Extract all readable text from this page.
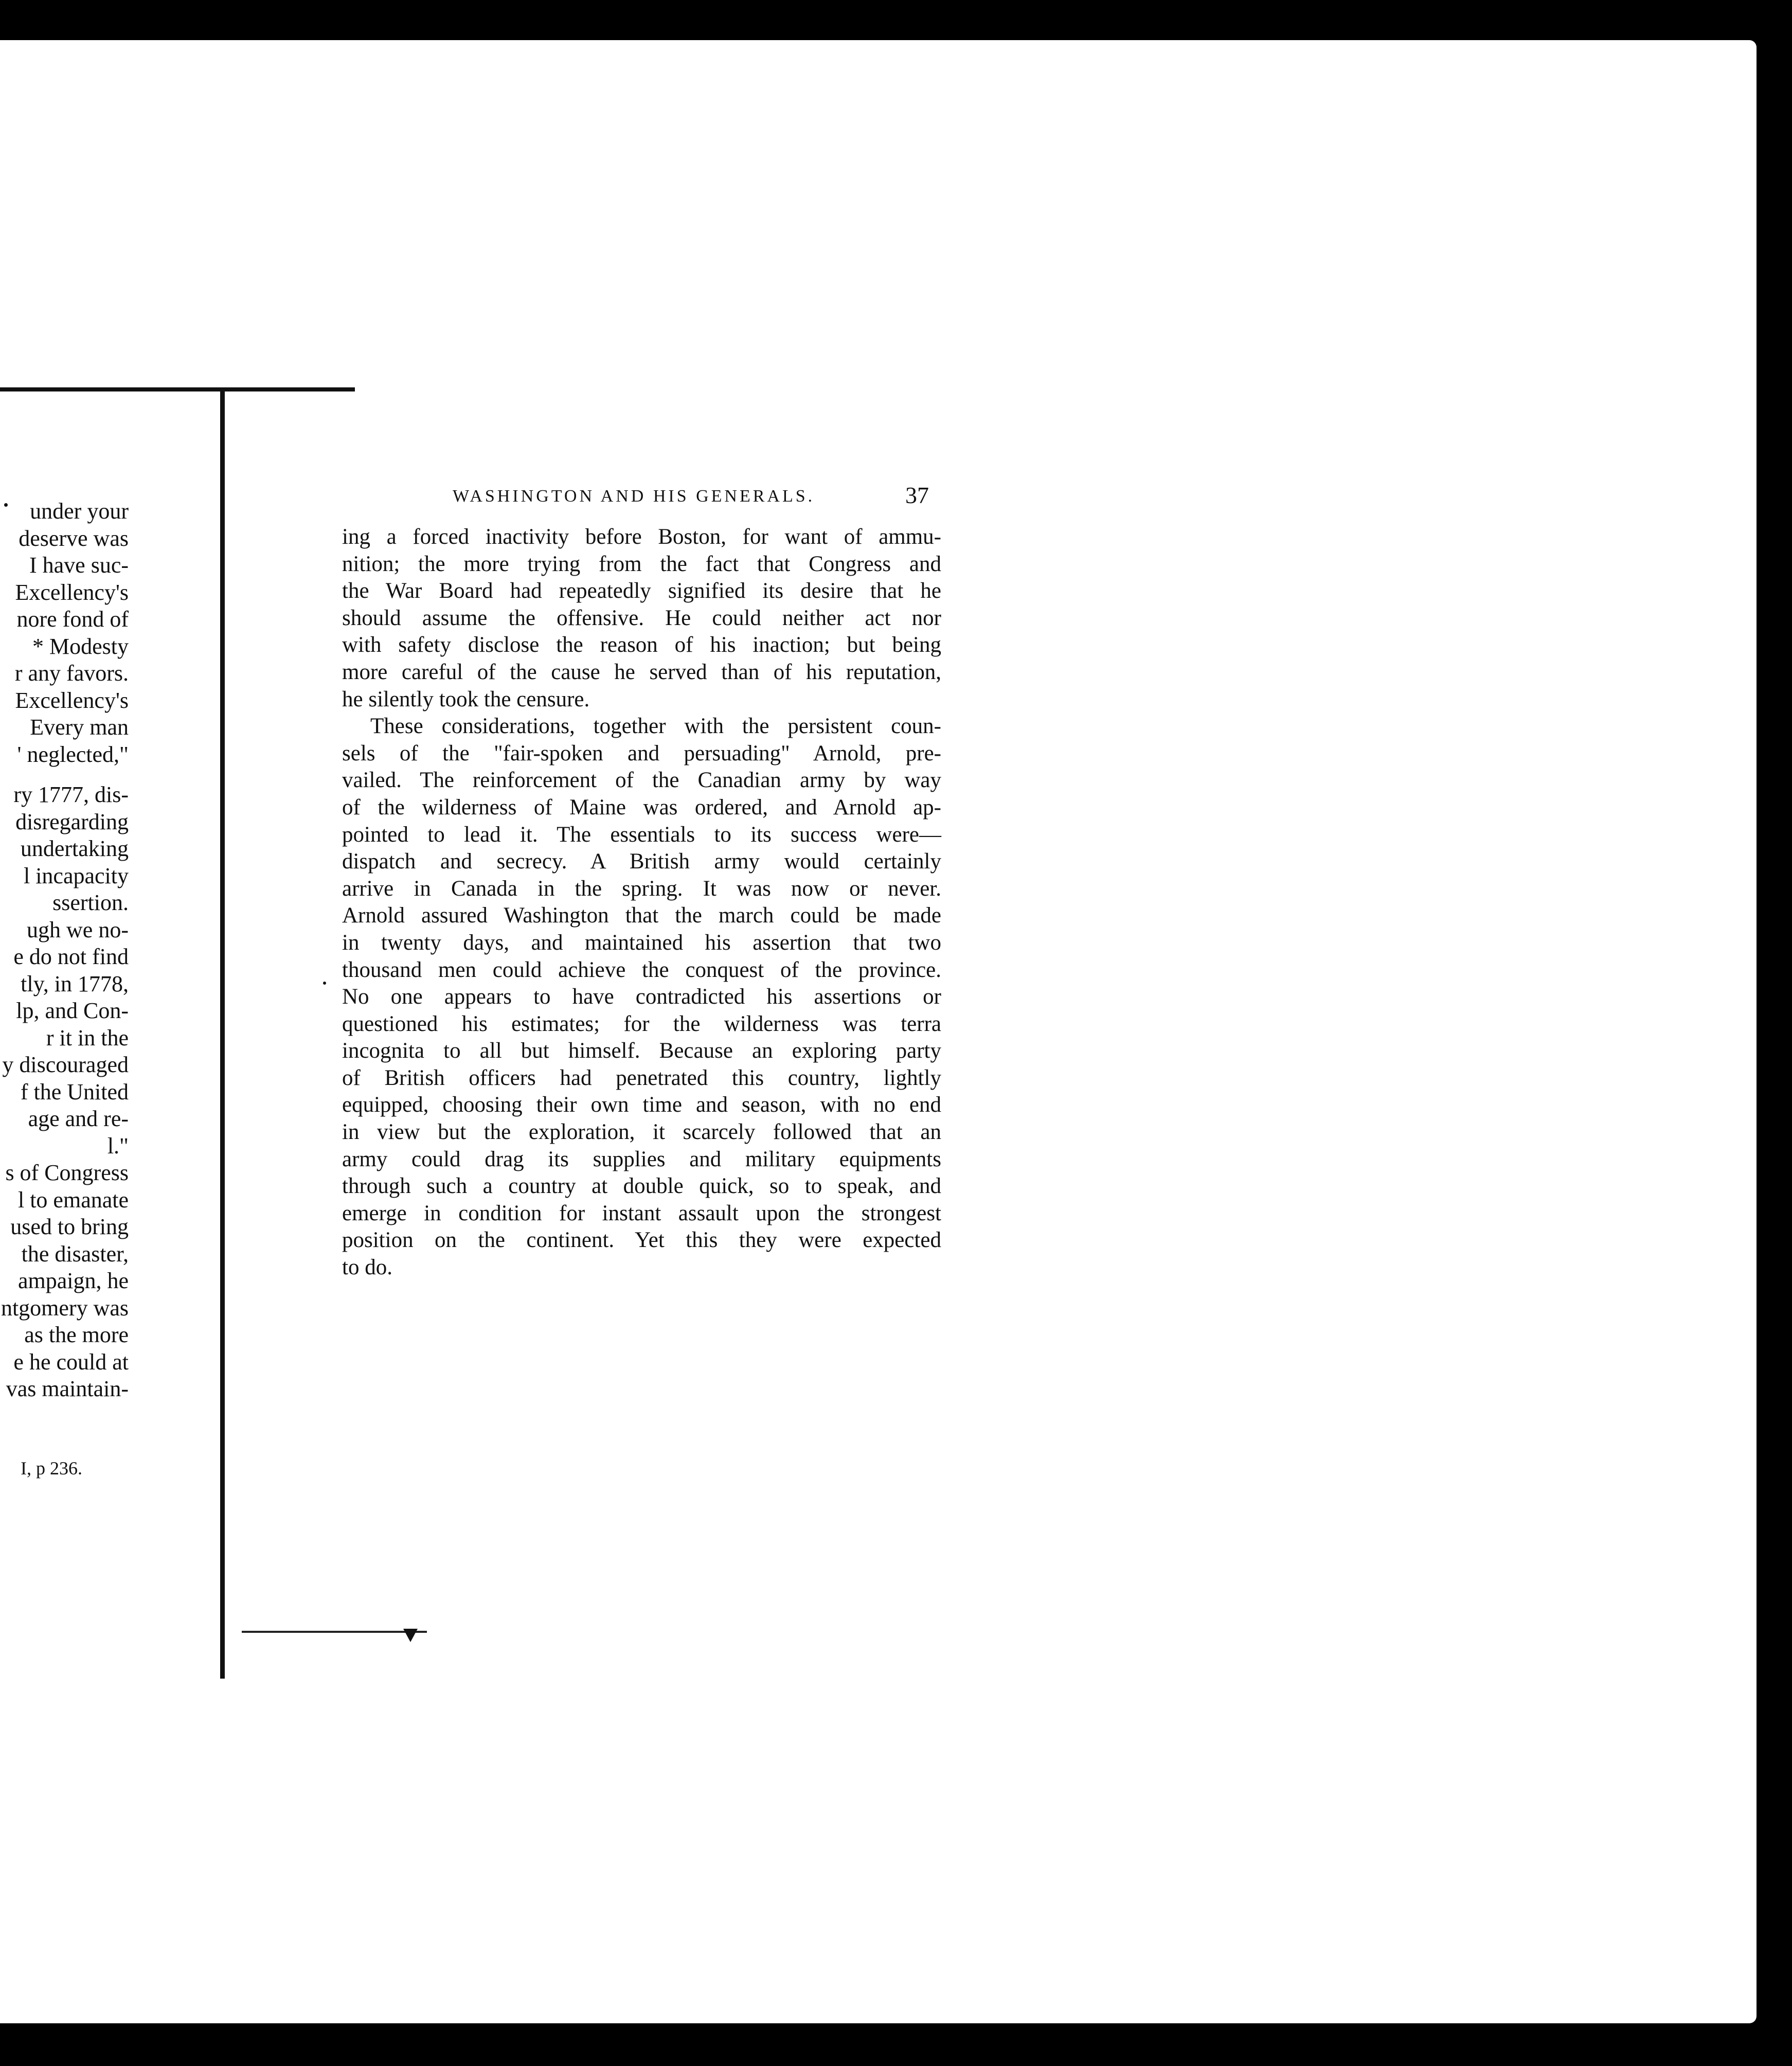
under your
deserve was
I have suc-
Excellency's
nore fond of
* Modesty
r any favors.
Excellency's
Every man
' neglected,"
ry 1777, dis-
disregarding
undertaking
l incapacity
ssertion.
ugh we no-
e do not find
tly, in 1778,
lp, and Con-
r it in the
y discouraged
f the United
age and re-
l."
s of Congress
l to emanate
used to bring
the disaster,
ampaign, he
ntgomery was
as the more
e he could at
vas maintain-
I, p 236.
WASHINGTON AND HIS GENERALS.	37
ing a forced inactivity before Boston, for want of ammu-
nition; the more trying from the fact that Congress and
the War Board had repeatedly signified its desire that he
should assume the offensive. He could neither act nor
with safety disclose the reason of his inaction; but being
more careful of the cause he served than of his reputation,
he silently took the censure.
These considerations, together with the persistent coun-
sels of the "fair-spoken and persuading" Arnold, pre-
vailed. The reinforcement of the Canadian army by way
of the wilderness of Maine was ordered, and Arnold ap-
pointed to lead it. The essentials to its success were—
dispatch and secrecy. A British army would certainly
arrive in Canada in the spring. It was now or never.
Arnold assured Washington that the march could be made
in twenty days, and maintained his assertion that two
thousand men could achieve the conquest of the province.
No one appears to have contradicted his assertions or
questioned his estimates; for the wilderness was terra
incognita to all but himself. Because an exploring party
of British officers had penetrated this country, lightly
equipped, choosing their own time and season, with no end
in view but the exploration, it scarcely followed that an
army could drag its supplies and military equipments
through such a country at double quick, so to speak, and
emerge in condition for instant assault upon the strongest
position on the continent. Yet this they were expected
to do.
